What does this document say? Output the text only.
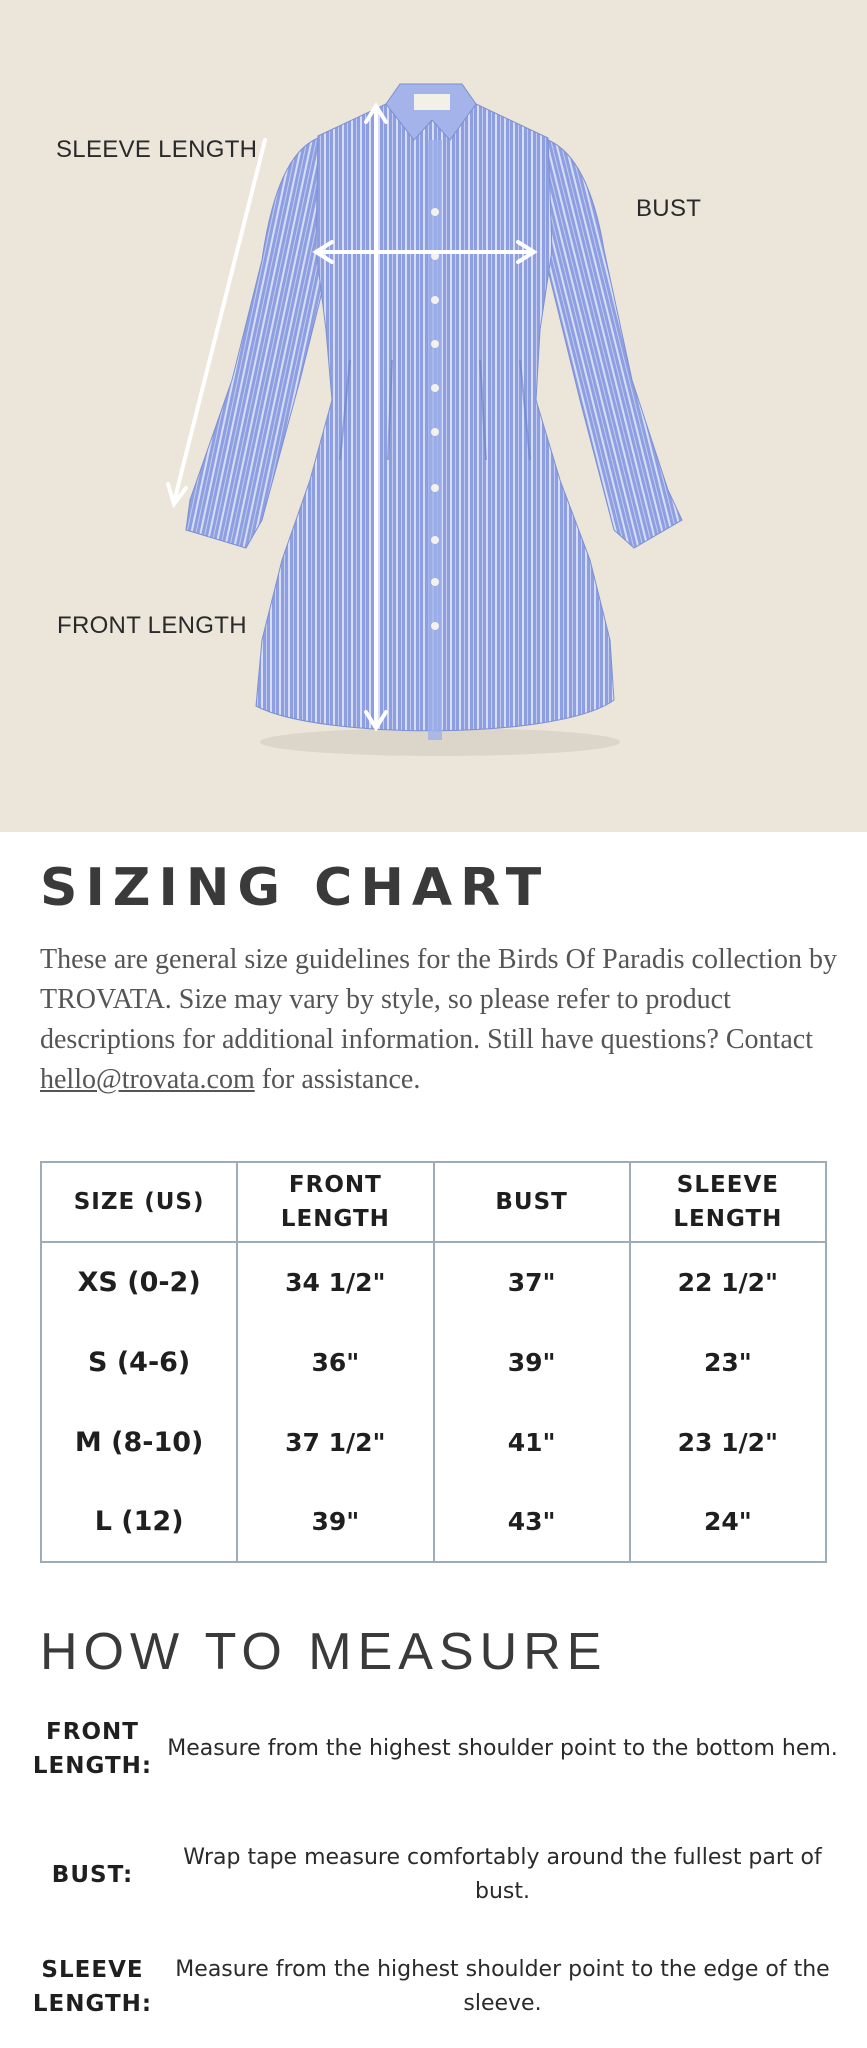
SLEEVE LENGTH
BUST
FRONT LENGTH
SIZING CHART

These are general size guidelines for the Birds Of Paradis collection by TROVATA. Size may vary by style, so please refer to product descriptions for additional information. Still have questions? Contact hello@trovata.com for assistance.

SIZE (US)	FRONT LENGTH	BUST	SLEEVE LENGTH
XS (0-2)	34 1/2"	37"	22 1/2"
S (4-6)	36"	39"	23"
M (8-10)	37 1/2"	41"	23 1/2"
L (12)	39"	43"	24"
HOW TO MEASURE
FRONT LENGTH:
Measure from the highest shoulder point to the bottom hem.
BUST:
Wrap tape measure comfortably around the fullest part of bust.
SLEEVE LENGTH:
Measure from the highest shoulder point to the edge of the sleeve.
